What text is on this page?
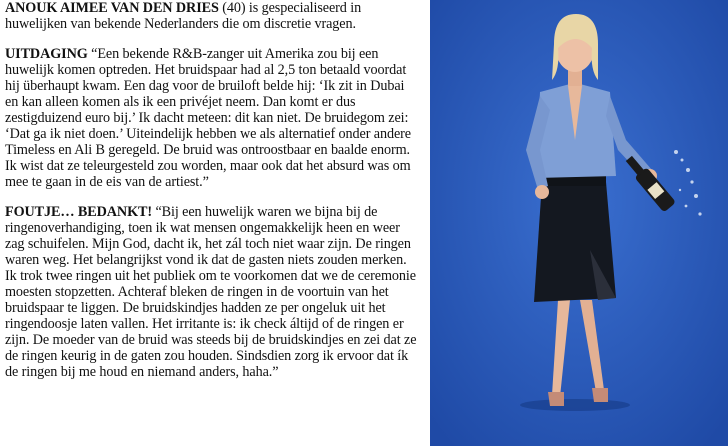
ANOUK AIMEE VAN DEN DRIES (40) is gespecialiseerd in huwelijken van bekende Nederlanders die om discretie vragen.

UITDAGING “Een bekende R&B-zanger uit Amerika zou bij een huwelijk komen optreden. Het bruidspaar had al 2,5 ton betaald voordat hij überhaupt kwam. Een dag voor de bruiloft belde hij: ‘Ik zit in Dubai en kan alleen komen als ik een privéjet neem. Dan komt er dus zestigduizend euro bij.’ Ik dacht meteen: dit kan niet. De bruidegom zei: ‘Dat ga ik niet doen.’ Uiteindelijk hebben we als alternatief onder andere Timeless en Ali B geregeld. De bruid was ontroostbaar en baalde enorm. Ik wist dat ze teleurgesteld zou worden, maar ook dat het absurd was om mee te gaan in de eis van de artiest.”

FOUTJE… BEDANKT! “Bij een huwelijk waren we bijna bij de ringenoverhandiging, toen ik wat mensen ongemakkelijk heen en weer zag schuifelen. Mijn God, dacht ik, het zál toch niet waar zijn. De ringen waren weg. Het belangrijkst vond ik dat de gasten niets zouden merken. Ik trok twee ringen uit het publiek om te voorkomen dat we de ceremonie moesten stopzetten. Achteraf bleken de ringen in de voortuin van het bruidspaar te liggen. De bruidskindjes hadden ze per ongeluk uit het ringendoosje laten vallen. Het irritante is: ik check áltijd of de ringen er zijn. De moeder van de bruid was steeds bij de bruidskindjes en zei dat ze de ringen keurig in de gaten zou houden. Sindsdien zorg ik ervoor dat ík de ringen bij me houd en niemand anders, haha.”
